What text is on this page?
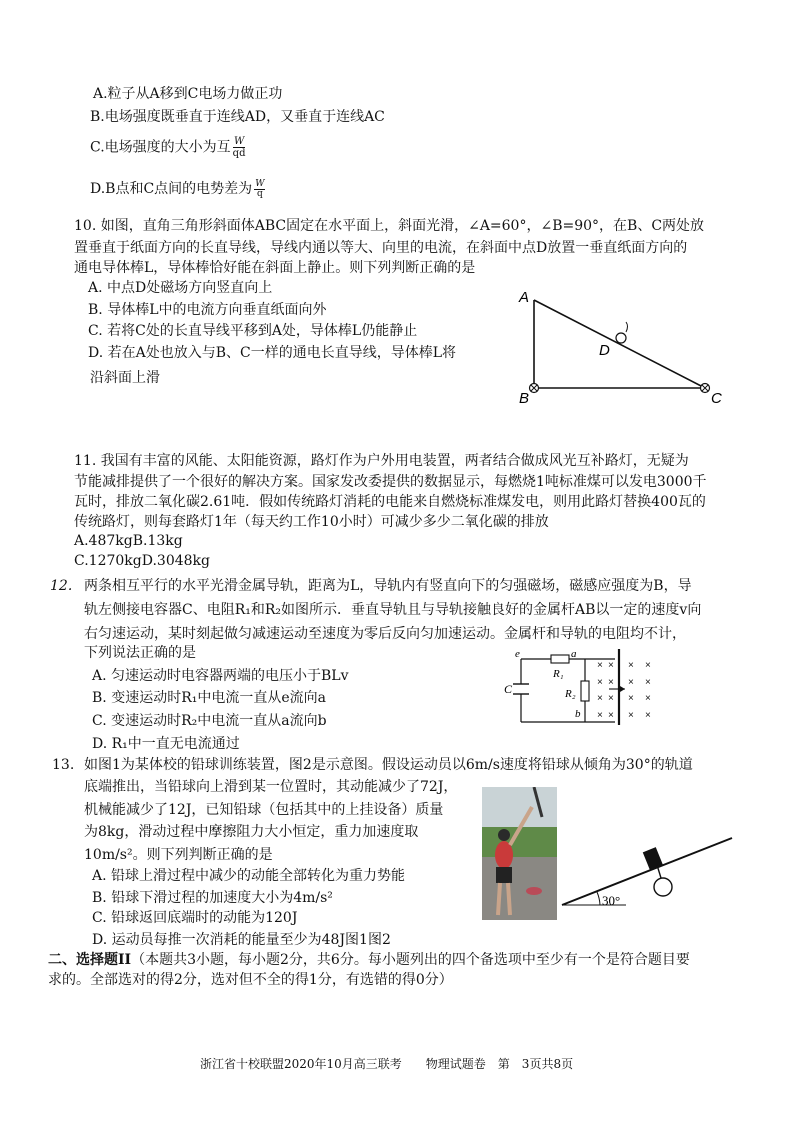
A.粒子从A移到C电场力做正功
B.电场强度既垂直于连线AD，又垂直于连线AC
C.电场强度的大小为互 $\frac{W}{qd}$
D.B点和C点间的电势差为 $\frac{W}{q}$
10. 如图，直角三角形斜面体ABC固定在水平面上，斜面光滑，∠A=60°，∠B=90°，在B、C两处放
置垂直于纸面方向的长直导线，导线内通以等大、向里的电流，在斜面中点D放置一垂直纸面方向的
通电导体棒L，导体棒恰好能在斜面上静止。则下列判断正确的是
A. 中点D处磁场方向竖直向上
B. 导体棒L中的电流方向垂直纸面向外
C. 若将C处的长直导线平移到A处，导体棒L仍能静止
D. 若在A处也放入与B、C一样的通电长直导线，导体棒L将
沿斜面上滑
A
B	C
D
11. 我国有丰富的风能、太阳能资源，路灯作为户外用电装置，两者结合做成风光互补路灯，无疑为
节能减排提供了一个很好的解决方案。国家发改委提供的数据显示，每燃烧1吨标准煤可以发电3000千
瓦时，排放二氧化碳2.61吨．假如传统路灯消耗的电能来自燃烧标准煤发电，则用此路灯替换400瓦的
传统路灯，则每套路灯1年（每天约工作10小时）可减少多少二氧化碳的排放
A.487kgB.13kg
C.1270kgD.3048kg
12. 两条相互平行的水平光滑金属导轨，距离为L，导轨内有竖直向下的匀强磁场，磁感应强度为B，导
轨左侧接电容器C、电阻R₁和R₂如图所示．垂直导轨且与导轨接触良好的金属杆AB以一定的速度v向
右匀速运动，某时刻起做匀减速运动至速度为零后反向匀加速运动。金属杆和导轨的电阻均不计，
下列说法正确的是
A. 匀速运动时电容器两端的电压小于BLv
B. 变速运动时R₁中电流一直从e流向a
C. 变速运动时R₂中电流一直从a流向b
D. R₁中一直无电流通过
e	a
b
C
R₁
R₂
×
×
×
×
×
×
×
×
×
×
×
×
×
×
×
×
13. 如图1为某体校的铅球训练装置，图2是示意图。假设运动员以6m/s速度将铅球从倾角为30°的轨道
底端推出，当铅球向上滑到某一位置时，其动能减少了72J，
机械能减少了12J，已知铅球（包括其中的上挂设备）质量
为8kg，滑动过程中摩擦阻力大小恒定，重力加速度取
10m/s²。则下列判断正确的是
A. 铅球上滑过程中减少的动能全部转化为重力势能
B. 铅球下滑过程的加速度大小为4m/s²
C. 铅球返回底端时的动能为120J
D. 运动员每推一次消耗的能量至少为48J图1图2
30°
二、选择题II（本题共3小题，每小题2分，共6分。每小题列出的四个备选项中至少有一个是符合题目要
求的。全部选对的得2分，选对但不全的得1分，有选错的得0分）
浙江省十校联盟2020年10月高三联考　　物理试题卷　第　3页共8页
